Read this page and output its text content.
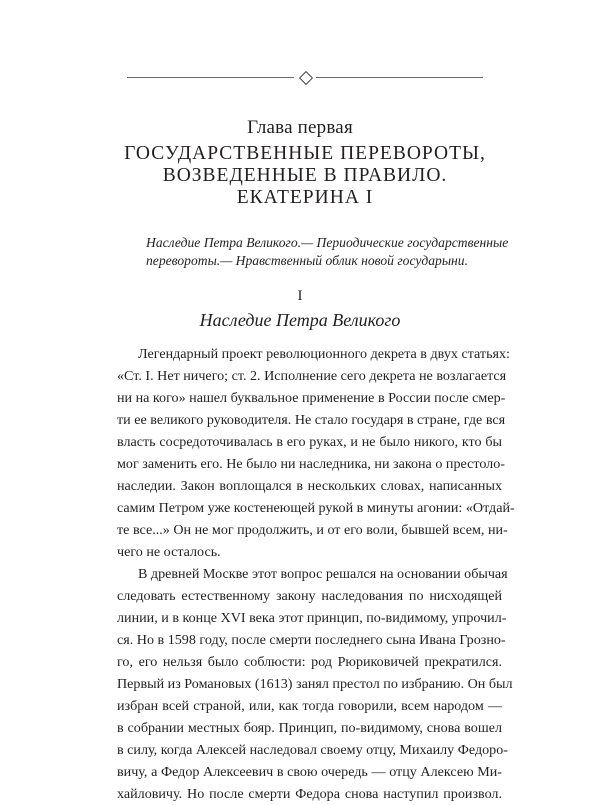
Глава первая
ГОСУДАРСТВЕННЫЕ ПЕРЕВОРОТЫ,
ВОЗВЕДЕННЫЕ В ПРАВИЛО.
ЕКАТЕРИНА I
Наследие Петра Великого.— Периодические государственные
перевороты.— Нравственный облик новой государыни.
I
Наследие Петра Великого
Легендарный проект революционного декрета в двух статьях:
«Ст. I. Нет ничего; ст. 2. Исполнение сего декрета не возлагается
ни на кого» нашел буквальное применение в России после смер-
ти ее великого руководителя. Не стало государя в стране, где вся
власть сосредоточивалась в его руках, и не было никого, кто бы
мог заменить его. Не было ни наследника, ни закона о престоло-
наследии. Закон воплощался в нескольких словах, написанных
самим Петром уже костенеющей рукой в минуты агонии: «Отдай-
те все...» Он не мог продолжить, и от его воли, бывшей всем, ни-
чего не осталось.
В древней Москве этот вопрос решался на основании обычая
следовать естественному закону наследования по нисходящей
линии, и в конце XVI века этот принцип, по-видимому, упрочил-
ся. Но в 1598 году, после смерти последнего сына Ивана Грозно-
го, его нельзя было соблюсти: род Рюриковичей прекратился.
Первый из Романовых (1613) занял престол по избранию. Он был
избран всей страной, или, как тогда говорили, всем народом —
в собрании местных бояр. Принцип, по-видимому, снова вошел
в силу, когда Алексей наследовал своему отцу, Михаилу Федоро-
вичу, а Федор Алексеевич в свою очередь — отцу Алексею Ми-
хайловичу. Но после смерти Федора снова наступил произвол.
